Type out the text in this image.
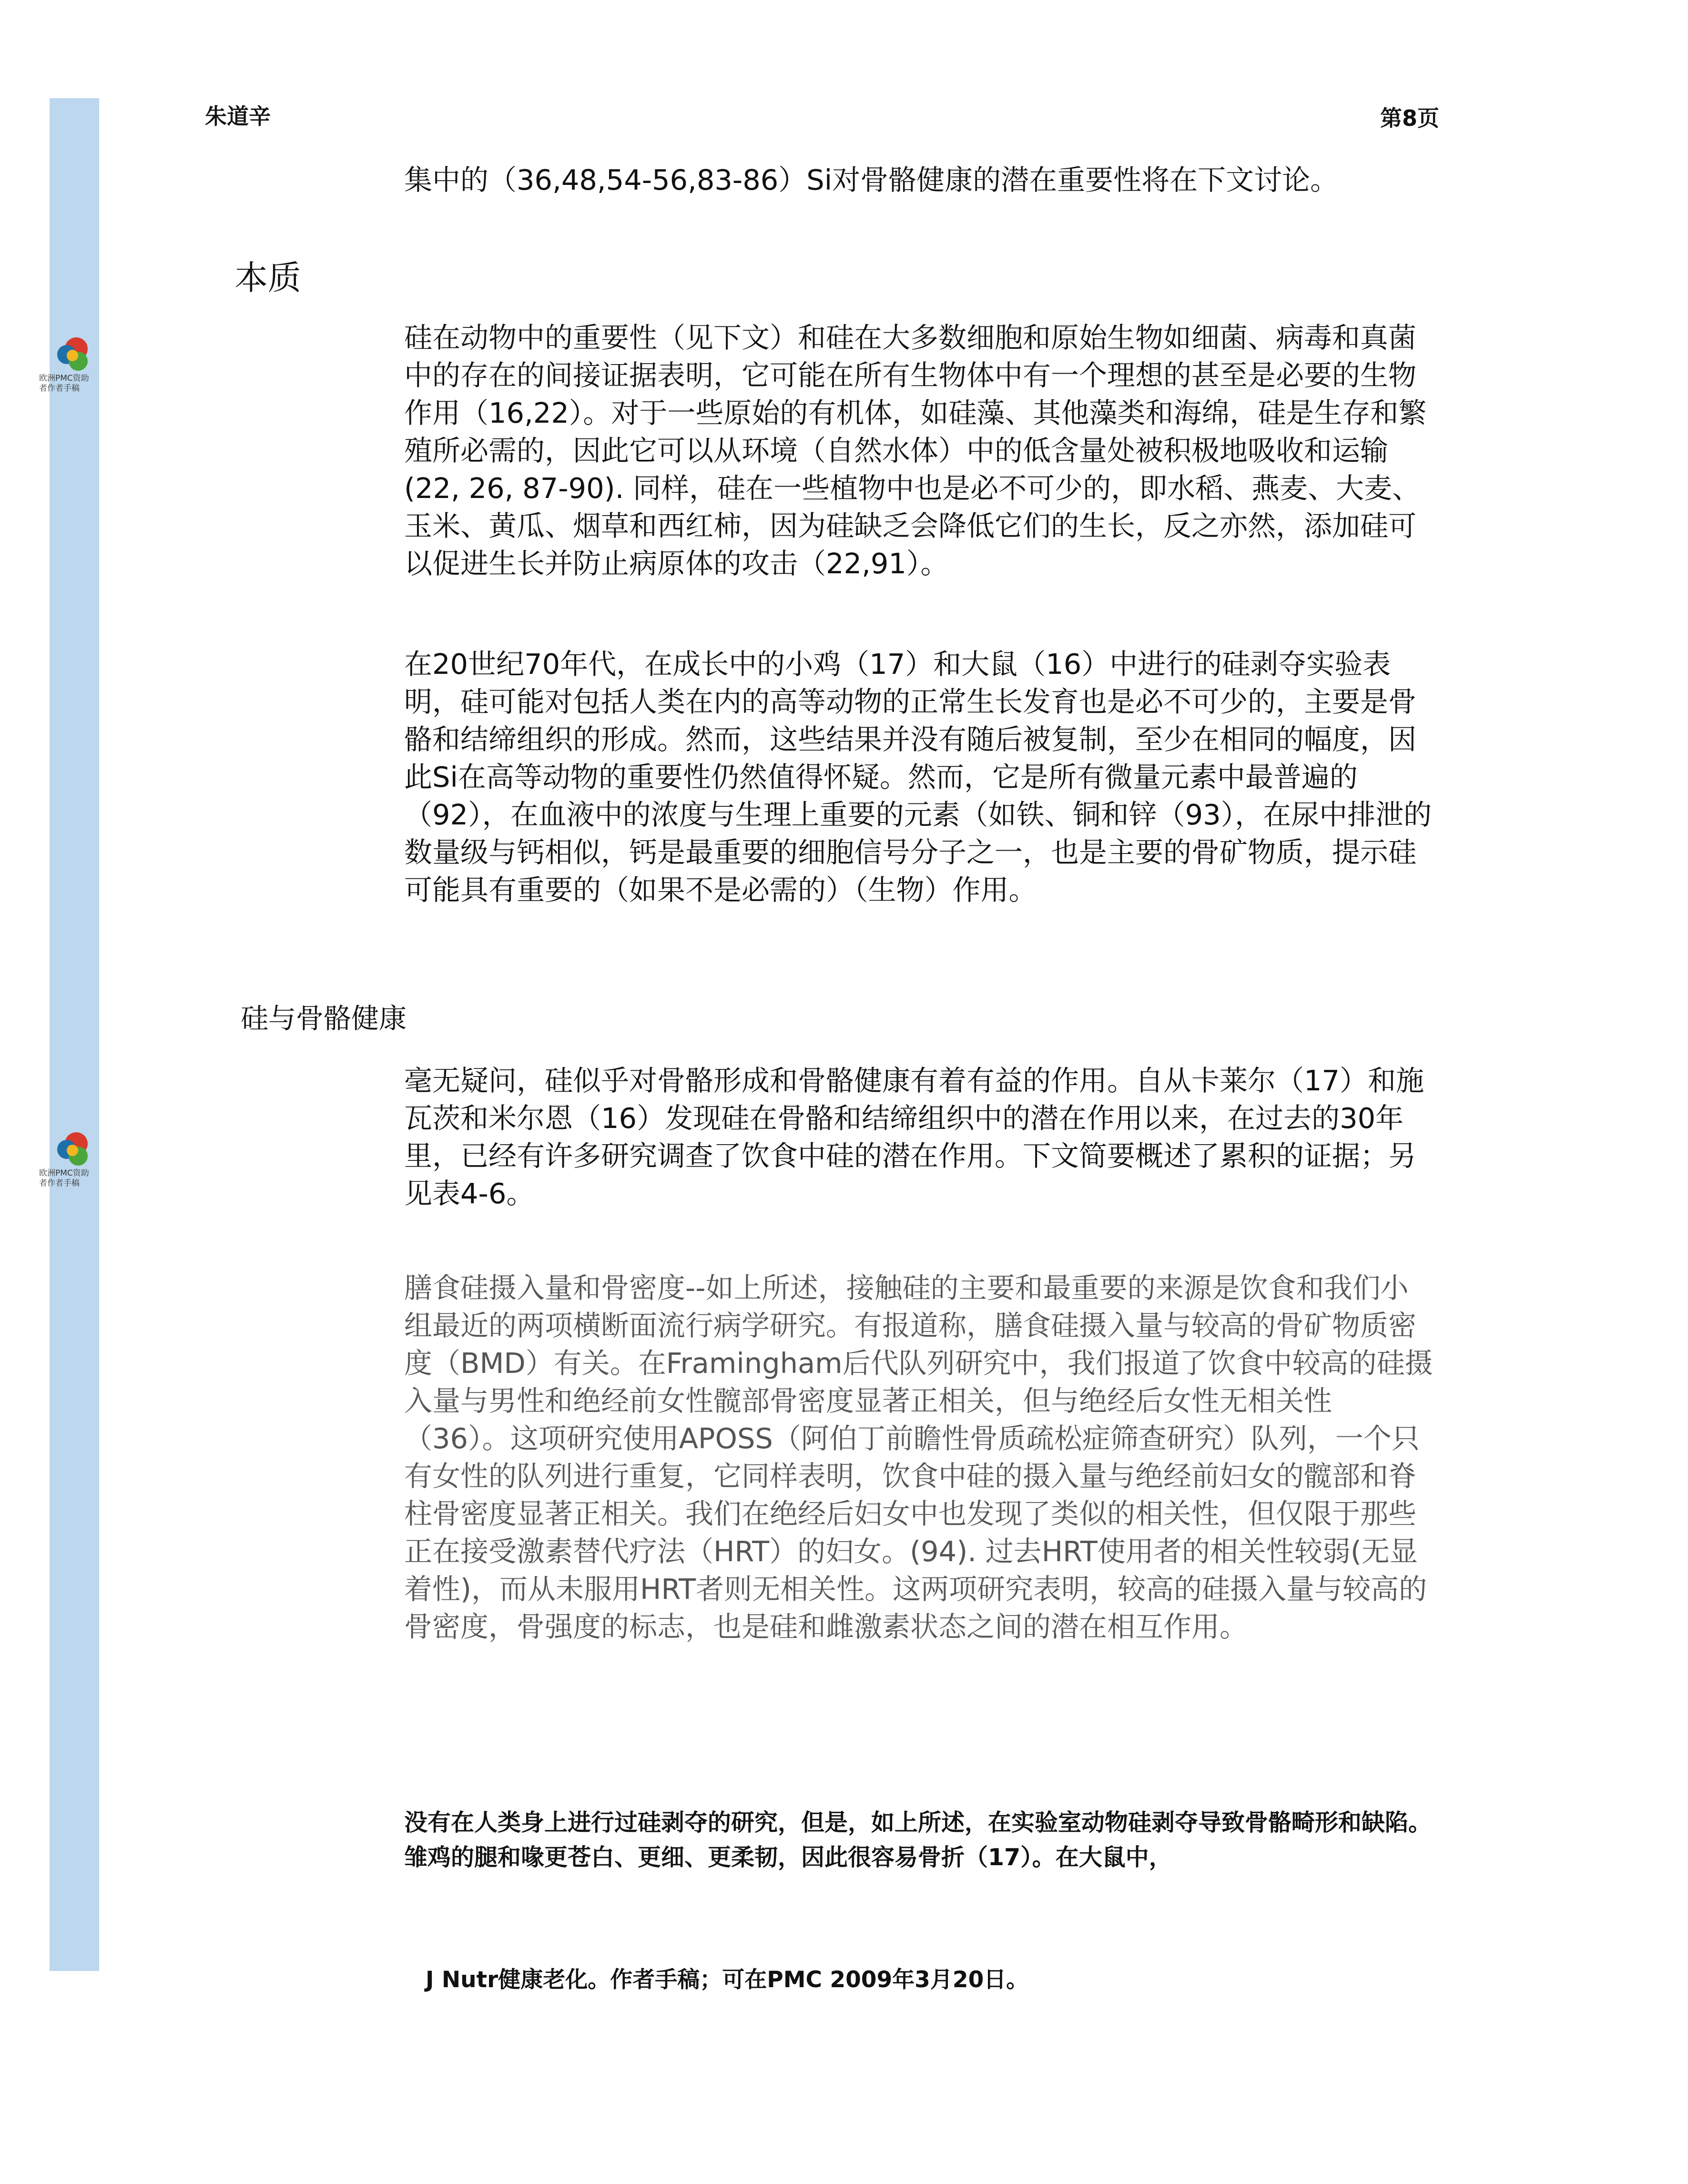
欧洲PMC资助者作者手稿
欧洲PMC资助者作者手稿
朱道辛	第8页
集中的（36,48,54-56,83-86）Si对骨骼健康的潜在重要性将在下文讨论。
本质
硅在动物中的重要性（见下文）和硅在大多数细胞和原始生物如细菌、病毒和真菌中的存在的间接证据表明，它可能在所有生物体中有一个理想的甚至是必要的生物作用（16,22）。对于一些原始的有机体，如硅藻、其他藻类和海绵，硅是生存和繁殖所必需的，因此它可以从环境（自然水体）中的低含量处被积极地吸收和运输(22, 26, 87-90). 同样，硅在一些植物中也是必不可少的，即水稻、燕麦、大麦、玉米、黄瓜、烟草和西红柿，因为硅缺乏会降低它们的生长，反之亦然，添加硅可以促进生长并防止病原体的攻击（22,91）。
在20世纪70年代，在成长中的小鸡（17）和大鼠（16）中进行的硅剥夺实验表明，硅可能对包括人类在内的高等动物的正常生长发育也是必不可少的，主要是骨骼和结缔组织的形成。然而，这些结果并没有随后被复制，至少在相同的幅度，因此Si在高等动物的重要性仍然值得怀疑。然而，它是所有微量元素中最普遍的（92），在血液中的浓度与生理上重要的元素（如铁、铜和锌（93），在尿中排泄的数量级与钙相似，钙是最重要的细胞信号分子之一，也是主要的骨矿物质，提示硅可能具有重要的（如果不是必需的）（生物）作用。
硅与骨骼健康
毫无疑问，硅似乎对骨骼形成和骨骼健康有着有益的作用。自从卡莱尔（17）和施瓦茨和米尔恩（16）发现硅在骨骼和结缔组织中的潜在作用以来，在过去的30年里，已经有许多研究调查了饮食中硅的潜在作用。下文简要概述了累积的证据；另见表4-6。
膳食硅摄入量和骨密度--如上所述，接触硅的主要和最重要的来源是饮食和我们小组最近的两项横断面流行病学研究。有报道称，膳食硅摄入量与较高的骨矿物质密度（BMD）有关。在Framingham后代队列研究中，我们报道了饮食中较高的硅摄入量与男性和绝经前女性髋部骨密度显著正相关，但与绝经后女性无相关性（36）。这项研究使用APOSS（阿伯丁前瞻性骨质疏松症筛查研究）队列，一个只有女性的队列进行重复，它同样表明，饮食中硅的摄入量与绝经前妇女的髋部和脊柱骨密度显著正相关。我们在绝经后妇女中也发现了类似的相关性，但仅限于那些正在接受激素替代疗法（HRT）的妇女。(94). 过去HRT使用者的相关性较弱(无显着性)，而从未服用HRT者则无相关性。这两项研究表明，较高的硅摄入量与较高的骨密度，骨强度的标志，也是硅和雌激素状态之间的潜在相互作用。
没有在人类身上进行过硅剥夺的研究，但是，如上所述，在实验室动物硅剥夺导致骨骼畸形和缺陷。雏鸡的腿和喙更苍白、更细、更柔韧，因此很容易骨折（17）。在大鼠中，
J Nutr健康老化。作者手稿；可在PMC 2009年3月20日。
